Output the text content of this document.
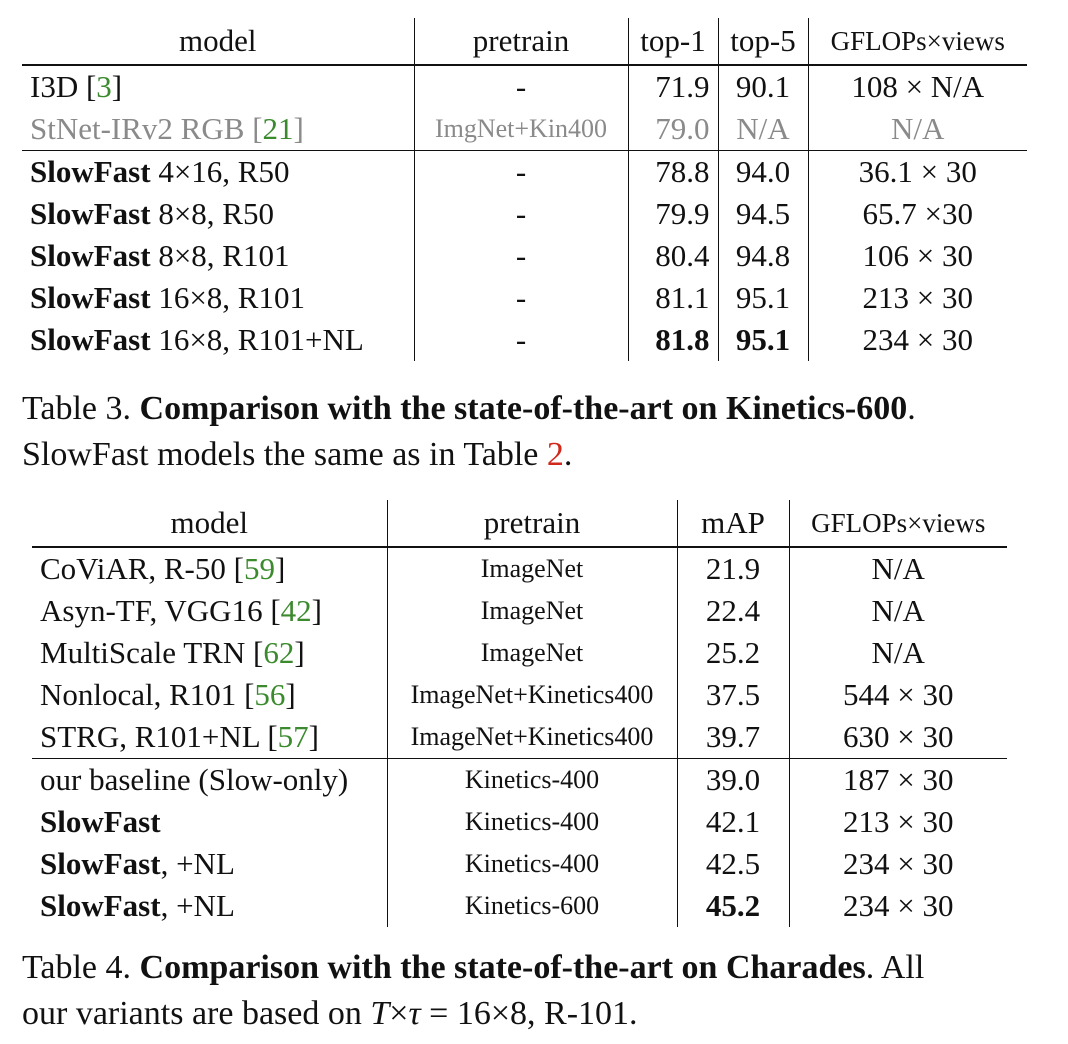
model	pretrain	top-1	top-5	GFLOPs×views
I3D [3]	-	71.9	90.1	108 × N/A
StNet-IRv2 RGB [21]	ImgNet+Kin400	79.0	N/A	N/A
SlowFast 4×16, R50	-	78.8	94.0	36.1 × 30
SlowFast 8×8, R50	-	79.9	94.5	65.7 ×30
SlowFast 8×8, R101	-	80.4	94.8	106 × 30
SlowFast 16×8, R101	-	81.1	95.1	213 × 30
SlowFast 16×8, R101+NL	-	81.8	95.1	234 × 30
Table 3. Comparison with the state-of-the-art on Kinetics-600.
SlowFast models the same as in Table 2.
model	pretrain	mAP	GFLOPs×views
CoViAR, R-50 [59]	ImageNet	21.9	N/A
Asyn-TF, VGG16 [42]	ImageNet	22.4	N/A
MultiScale TRN [62]	ImageNet	25.2	N/A
Nonlocal, R101 [56]	ImageNet+Kinetics400	37.5	544 × 30
STRG, R101+NL [57]	ImageNet+Kinetics400	39.7	630 × 30
our baseline (Slow-only)	Kinetics-400	39.0	187 × 30
SlowFast	Kinetics-400	42.1	213 × 30
SlowFast, +NL	Kinetics-400	42.5	234 × 30
SlowFast, +NL	Kinetics-600	45.2	234 × 30
Table 4. Comparison with the state-of-the-art on Charades. All
our variants are based on T×τ = 16×8, R-101.
